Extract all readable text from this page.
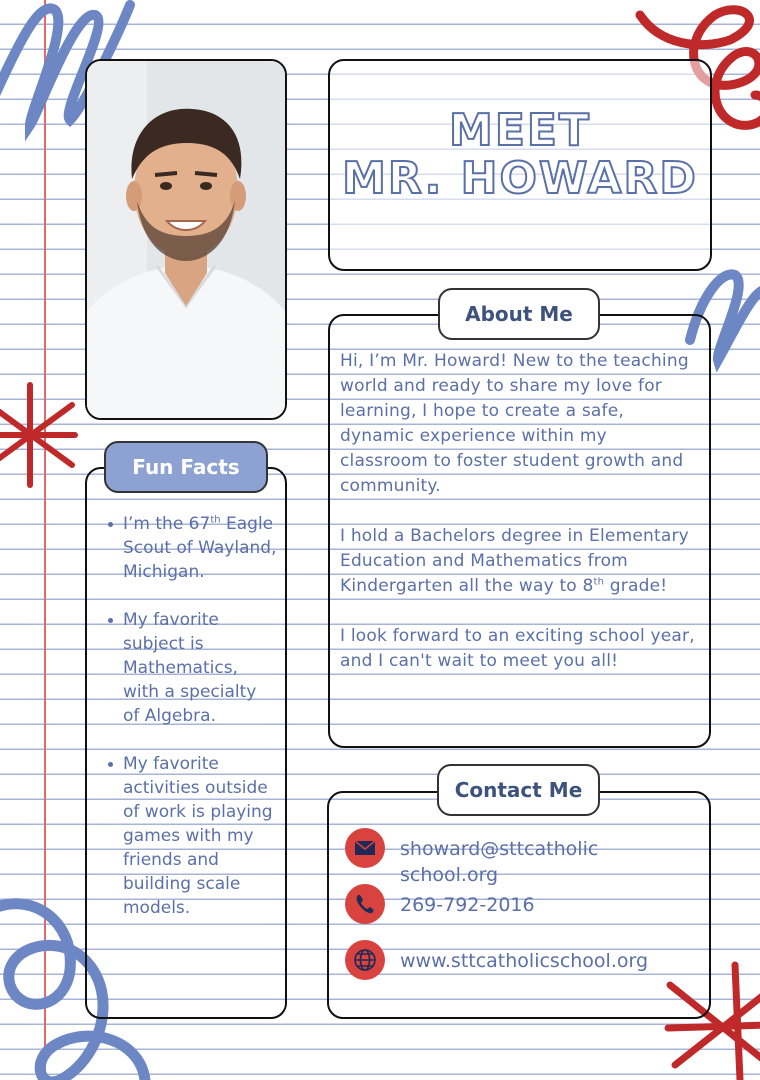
MEET
MR. HOWARD
About Me

Hi, I’m Mr. Howard! New to the teaching world and ready to share my love for learning, I hope to create a safe, dynamic experience within my classroom to foster student growth and community.

I hold a Bachelors degree in Elementary Education and Mathematics from Kindergarten all the way to 8th grade!

I look forward to an exciting school year, and I can't wait to meet you all!

Fun Facts
I’m the 67th Eagle Scout of Wayland, Michigan.
My favorite subject is Mathematics, with a specialty of Algebra.
My favorite activities outside of work is playing games with my friends and building scale models.
Contact Me
showard@sttcatholic school.org
269-792-2016
www.sttcatholicschool.org
